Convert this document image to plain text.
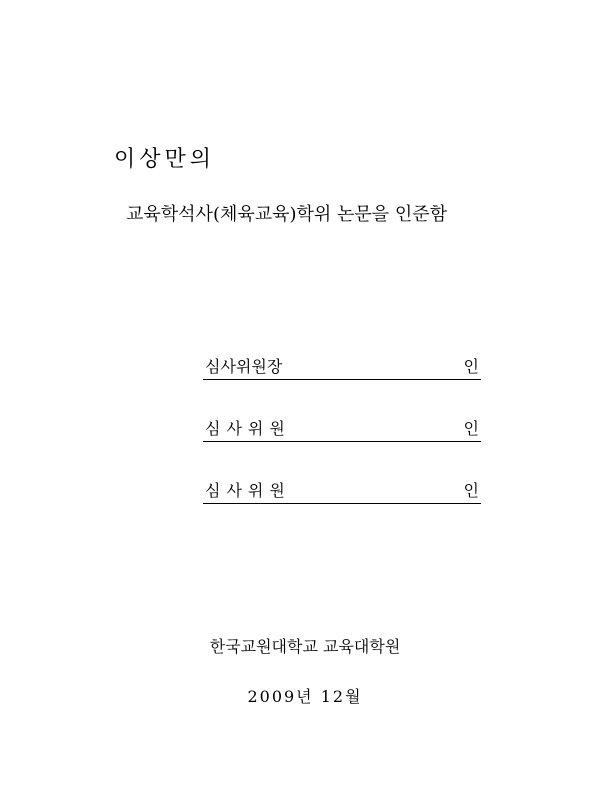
이상만의
교육학석사(체육교육)학위 논문을 인준함
심사위원장	인
심사위원	인
심사위원	인
한국교원대학교 교육대학원
2009년 12월
